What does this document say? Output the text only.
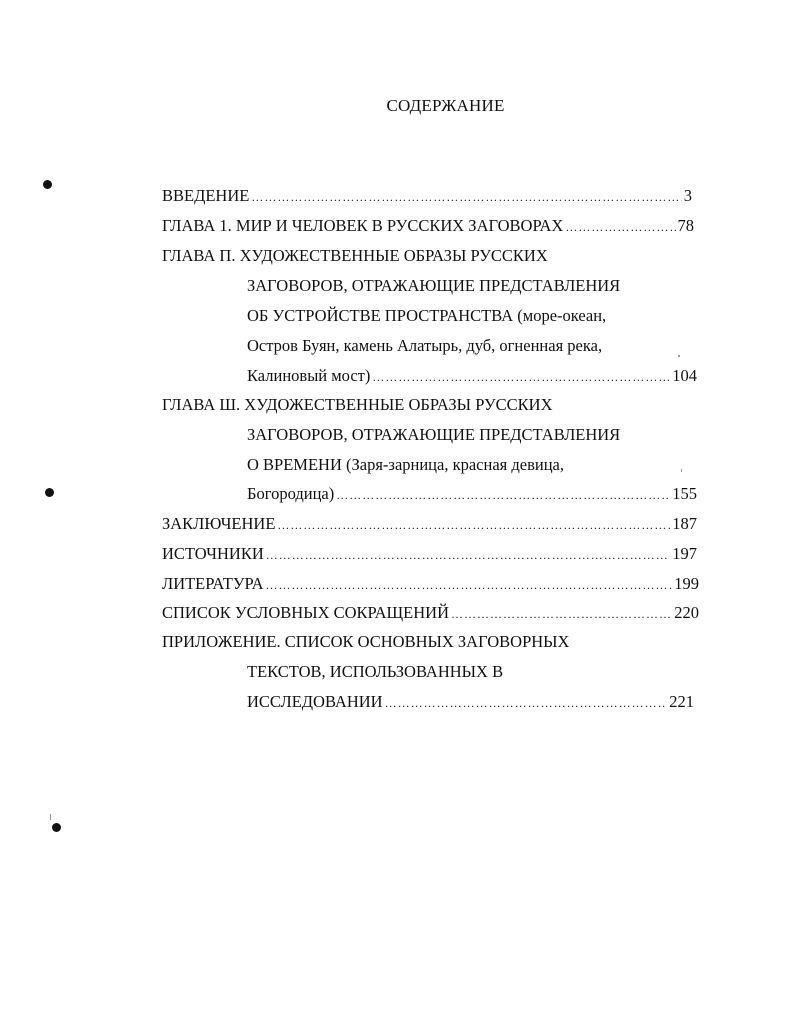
СОДЕРЖАНИЕ
ВВЕДЕНИЕ ……………………………………………………………………………………………………………………………………………………………………………………	3
ГЛАВА 1. МИР И ЧЕЛОВЕК В РУССКИХ ЗАГОВОРАХ ……………………………………………………………………………………………………………………………………………………………………………………	78
ГЛАВА П. ХУДОЖЕСТВЕННЫЕ ОБРАЗЫ РУССКИХ
ЗАГОВОРОВ, ОТРАЖАЮЩИЕ ПРЕДСТАВЛЕНИЯ
ОБ УСТРОЙСТВЕ ПРОСТРАНСТВА (море-океан,
Остров Буян, камень Алатырь, дуб, огненная река,
Калиновый мост) ……………………………………………………………………………………………………………………………………………………………………………………	104
ГЛАВА Ш. ХУДОЖЕСТВЕННЫЕ ОБРАЗЫ РУССКИХ
ЗАГОВОРОВ, ОТРАЖАЮЩИЕ ПРЕДСТАВЛЕНИЯ
О ВРЕМЕНИ (Заря-зарница, красная девица,
Богородица) ……………………………………………………………………………………………………………………………………………………………………………………	155
ЗАКЛЮЧЕНИЕ ……………………………………………………………………………………………………………………………………………………………………………………	187
ИСТОЧНИКИ ……………………………………………………………………………………………………………………………………………………………………………………	197
ЛИТЕРАТУРА ……………………………………………………………………………………………………………………………………………………………………………………	199
СПИСОК УСЛОВНЫХ СОКРАЩЕНИЙ ……………………………………………………………………………………………………………………………………………………………………………………	220
ПРИЛОЖЕНИЕ. СПИСОК ОСНОВНЫХ ЗАГОВОРНЫХ
ТЕКСТОВ, ИСПОЛЬЗОВАННЫХ В
ИССЛЕДОВАНИИ ……………………………………………………………………………………………………………………………………………………………………………………	221
